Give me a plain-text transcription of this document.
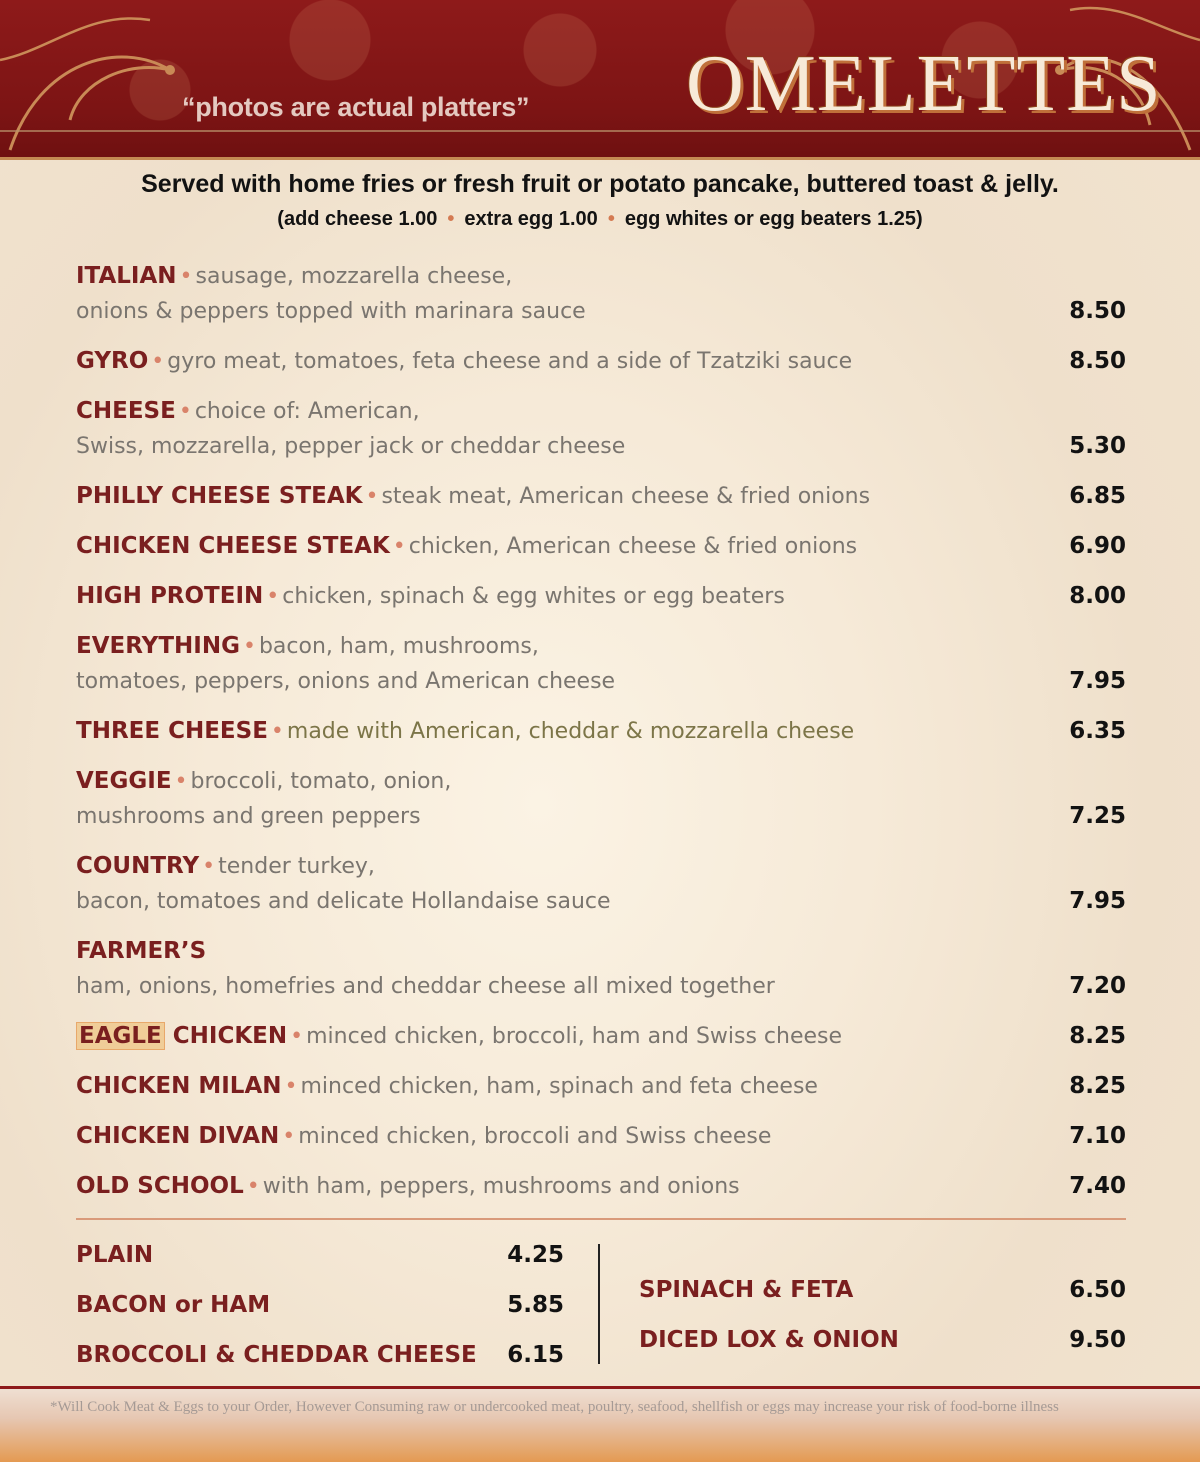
“photos are actual platters” OMELETTES
Served with home fries or fresh fruit or potato pancake, buttered toast & jelly.
(add cheese 1.00 • extra egg 1.00 • egg whites or egg beaters 1.25)
ITALIAN • sausage, mozzarella cheese,
onions & peppers topped with marinara sauce	8.50
GYRO • gyro meat, tomatoes, feta cheese and a side of Tzatziki sauce	8.50
CHEESE • choice of: American,
Swiss, mozzarella, pepper jack or cheddar cheese	5.30
PHILLY CHEESE STEAK • steak meat, American cheese & fried onions	6.85
CHICKEN CHEESE STEAK • chicken, American cheese & fried onions	6.90
HIGH PROTEIN • chicken, spinach & egg whites or egg beaters	8.00
EVERYTHING • bacon, ham, mushrooms,
tomatoes, peppers, onions and American cheese	7.95
THREE CHEESE • made with American, cheddar & mozzarella cheese	6.35
VEGGIE • broccoli, tomato, onion,
mushrooms and green peppers	7.25
COUNTRY • tender turkey,
bacon, tomatoes and delicate Hollandaise sauce	7.95
FARMER’S
ham, onions, homefries and cheddar cheese all mixed together	7.20
EAGLE CHICKEN • minced chicken, broccoli, ham and Swiss cheese	8.25
CHICKEN MILAN • minced chicken, ham, spinach and feta cheese	8.25
CHICKEN DIVAN • minced chicken, broccoli and Swiss cheese	7.10
OLD SCHOOL • with ham, peppers, mushrooms and onions	7.40
PLAIN	4.25
BACON or HAM	5.85
BROCCOLI & CHEDDAR CHEESE 6.15
SPINACH & FETA	6.50
DICED LOX & ONION	9.50
*Will Cook Meat & Eggs to your Order, However Consuming raw or undercooked meat, poultry, seafood, shellfish or eggs may increase your risk of food-borne illness
